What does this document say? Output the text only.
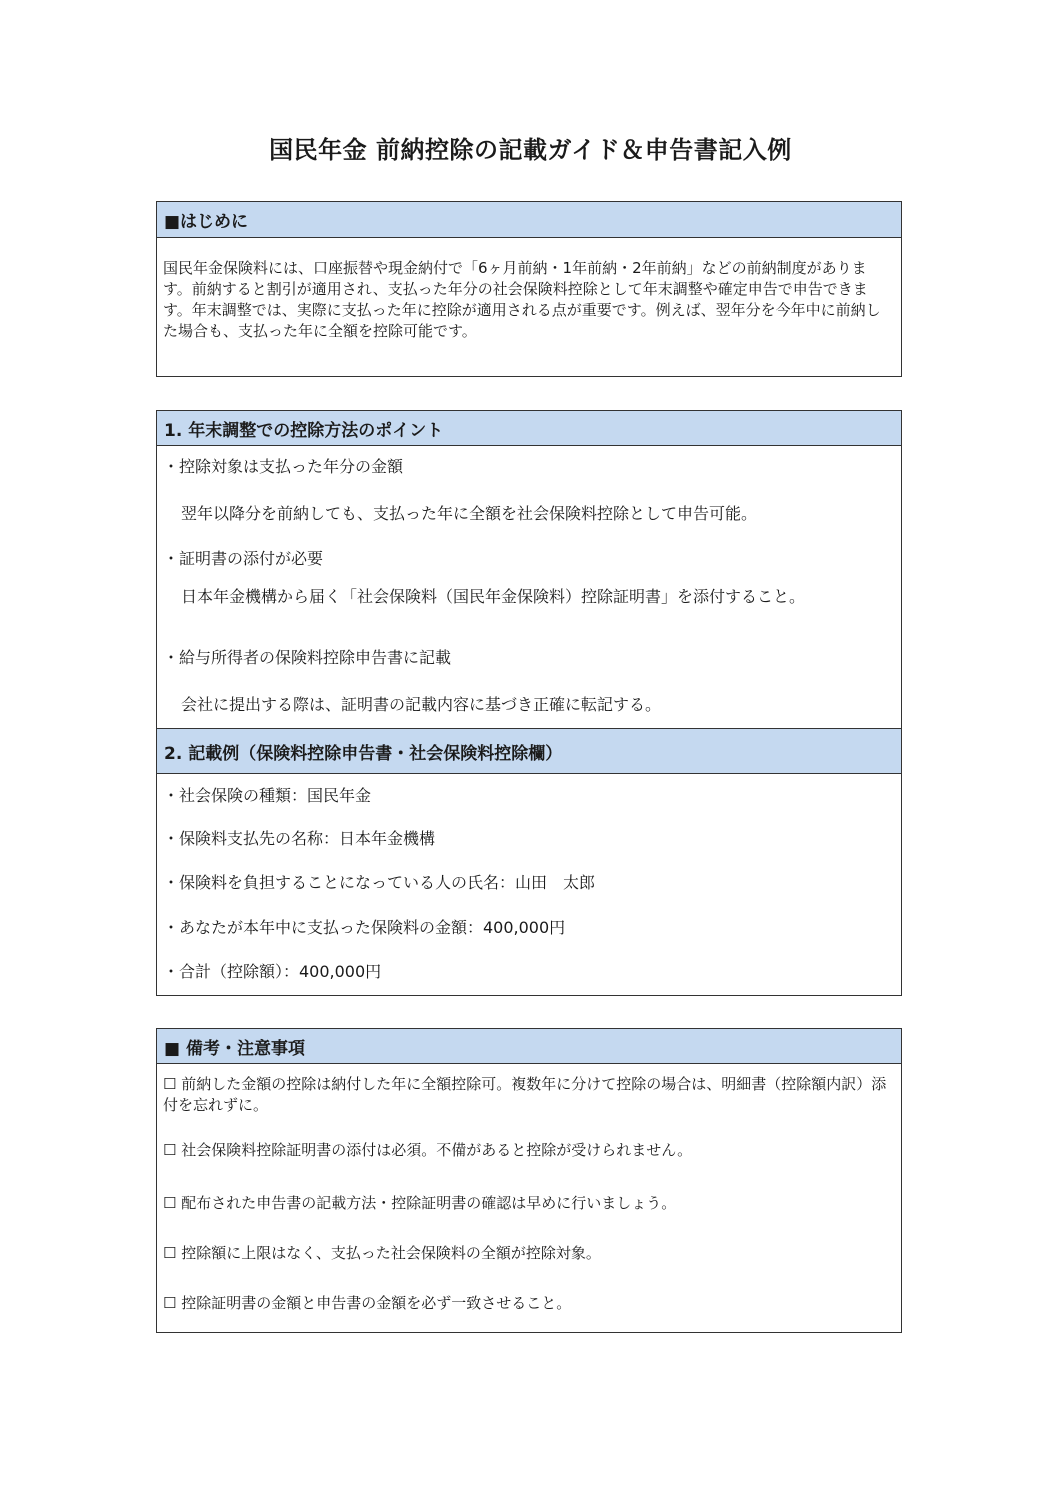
国民年金 前納控除の記載ガイド＆申告書記入例
■はじめに
国民年金保険料には、口座振替や現金納付で「6ヶ月前納・1年前納・2年前納」などの前納制度があります。前納すると割引が適用され、支払った年分の社会保険料控除として年末調整や確定申告で申告できます。年末調整では、実際に支払った年に控除が適用される点が重要です。例えば、翌年分を今年中に前納した場合も、支払った年に全額を控除可能です。
1. 年末調整での控除方法のポイント
・控除対象は支払った年分の金額
翌年以降分を前納しても、支払った年に全額を社会保険料控除として申告可能。
・証明書の添付が必要
日本年金機構から届く「社会保険料（国民年金保険料）控除証明書」を添付すること。
・給与所得者の保険料控除申告書に記載
会社に提出する際は、証明書の記載内容に基づき正確に転記する。
2. 記載例（保険料控除申告書・社会保険料控除欄）
・社会保険の種類：国民年金
・保険料支払先の名称：日本年金機構
・保険料を負担することになっている人の氏名：山田　太郎
・あなたが本年中に支払った保険料の金額：400,000円
・合計（控除額）：400,000円
■ 備考・注意事項
☐ 前納した金額の控除は納付した年に全額控除可。複数年に分けて控除の場合は、明細書（控除額内訳）添付を忘れずに。
☐ 社会保険料控除証明書の添付は必須。不備があると控除が受けられません。
☐ 配布された申告書の記載方法・控除証明書の確認は早めに行いましょう。
☐ 控除額に上限はなく、支払った社会保険料の全額が控除対象。
☐ 控除証明書の金額と申告書の金額を必ず一致させること。
